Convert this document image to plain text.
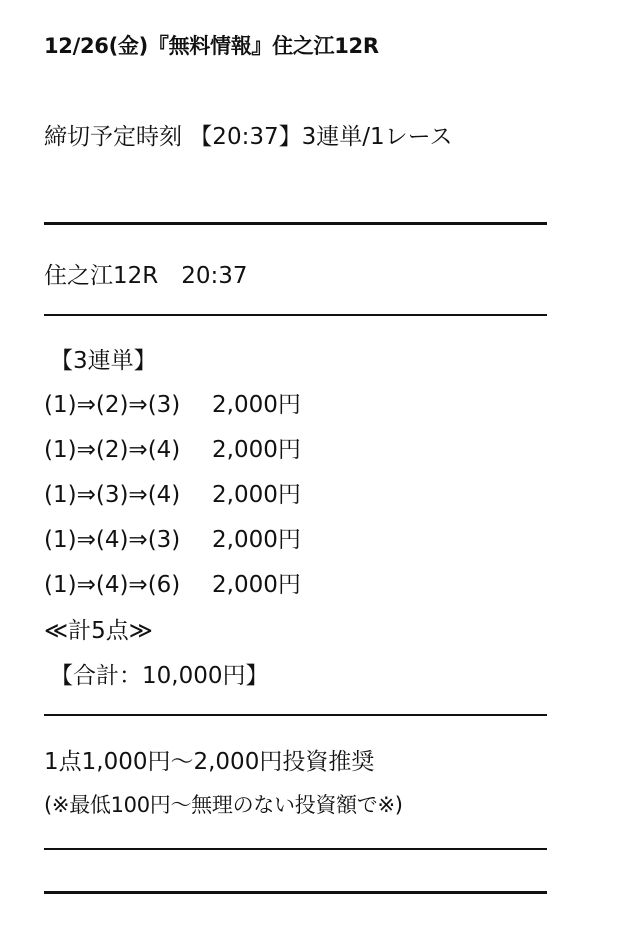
12/26(金)『無料情報』住之江12R
締切予定時刻 【20:37】3連単/1レース
住之江12R　20:37
【3連単】
(1)⇒(2)⇒(3) 2,000円
(1)⇒(2)⇒(4) 2,000円
(1)⇒(3)⇒(4) 2,000円
(1)⇒(4)⇒(3) 2,000円
(1)⇒(4)⇒(6) 2,000円
≪計5点≫
【合計：10,000円】
1点1,000円〜2,000円投資推奨
(※最低100円〜無理のない投資額で※)
